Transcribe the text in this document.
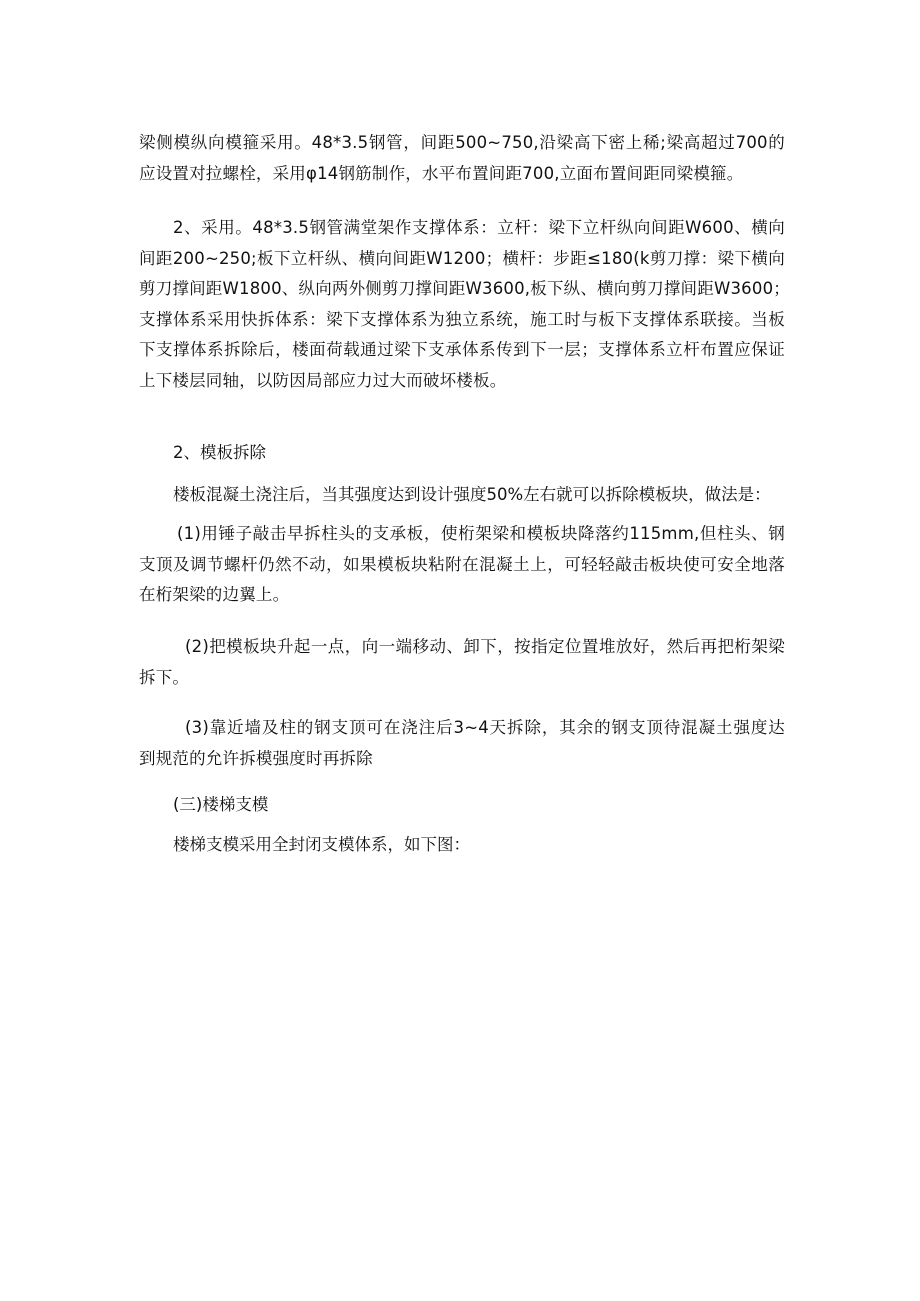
梁侧模纵向模箍采用。48*3.5钢管，间距500~750,沿梁高下密上稀;梁高超过700的
应设置对拉螺栓，采用φ14钢筋制作，水平布置间距700,立面布置间距同梁模箍。

2、采用。48*3.5钢管满堂架作支撑体系：立杆：梁下立杆纵向间距W600、横向
间距200~250;板下立杆纵、横向间距W1200；横杆：步距≤180(k剪刀撑：梁下横向
剪刀撑间距W1800、纵向两外侧剪刀撑间距W3600,板下纵、横向剪刀撑间距W3600；
支撑体系采用快拆体系：梁下支撑体系为独立系统，施工时与板下支撑体系联接。当板
下支撑体系拆除后，楼面荷载通过梁下支承体系传到下一层；支撑体系立杆布置应保证
上下楼层同轴，以防因局部应力过大而破坏楼板。

2、模板拆除

楼板混凝土浇注后，当其强度达到设计强度50%左右就可以拆除模板块，做法是：

(1)用锤子敲击早拆柱头的支承板，使桁架梁和模板块降落约115mm,但柱头、钢
支顶及调节螺杆仍然不动，如果模板块粘附在混凝土上，可轻轻敲击板块使可安全地落
在桁架梁的边翼上。

(2)把模板块升起一点，向一端移动、卸下，按指定位置堆放好，然后再把桁架梁
拆下。

(3)靠近墙及柱的钢支顶可在浇注后3~4天拆除，其余的钢支顶待混凝土强度达
到规范的允许拆模强度时再拆除

(三)楼梯支模

楼梯支模采用全封闭支模体系，如下图：
